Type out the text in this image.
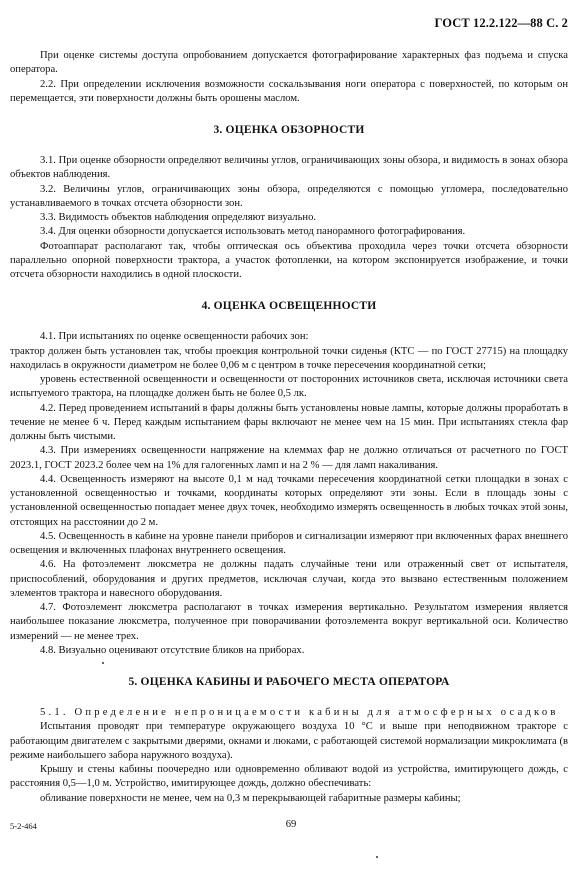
ГОСТ 12.2.122—88 С. 2

При оценке системы доступа опробованием допускается фотографирование характерных фаз подъема и спуска оператора.

2.2. При определении исключения возможности соскальзывания ноги оператора с поверхностей, по которым он перемещается, эти поверхности должны быть орошены маслом.

3. ОЦЕНКА ОБЗОРНОСТИ

3.1. При оценке обзорности определяют величины углов, ограничивающих зоны обзора, и видимость в зонах обзора объектов наблюдения.

3.2. Величины углов, ограничивающих зоны обзора, определяются с помощью угломера, последовательно устанавливаемого в точках отсчета обзорности зон.

3.3. Видимость объектов наблюдения определяют визуально.

3.4. Для оценки обзорности допускается использовать метод панорамного фотографирования.

Фотоаппарат располагают так, чтобы оптическая ось объектива проходила через точки отсчета обзорности параллельно опорной поверхности трактора, а участок фотопленки, на котором экспонируется изображение, и точки отсчета обзорности находились в одной плоскости.

4. ОЦЕНКА ОСВЕЩЕННОСТИ

4.1. При испытаниях по оценке освещенности рабочих зон:

трактор должен быть установлен так, чтобы проекция контрольной точки сиденья (КТС — по ГОСТ 27715) на площадку находилась в окружности диаметром не более 0,06 м с центром в точке пересечения координатной сетки;

уровень естественной освещенности и освещенности от посторонних источников света, исключая источники света испытуемого трактора, на площадке должен быть не более 0,5 лк.

4.2. Перед проведением испытаний в фары должны быть установлены новые лампы, которые должны проработать в течение не менее 6 ч. Перед каждым испытанием фары включают не менее чем на 15 мин. При испытаниях стекла фар должны быть чистыми.

4.3. При измерениях освещенности напряжение на клеммах фар не должно отличаться от расчетного по ГОСТ 2023.1, ГОСТ 2023.2 более чем на 1% для галогенных ламп и на 2 % — для ламп накаливания.

4.4. Освещенность измеряют на высоте 0,1 м над точками пересечения координатной сетки площадки в зонах с установленной освещенностью и точками, координаты которых определяют эти зоны. Если в площадь зоны с установленной освещенностью попадает менее двух точек, необходимо измерять освещенность в любых точках этой зоны, отстоящих на расстоянии до 2 м.

4.5. Освещенность в кабине на уровне панели приборов и сигнализации измеряют при включенных фарах внешнего освещения и включенных плафонах внутреннего освещения.

4.6. На фотоэлемент люксметра не должны падать случайные тени или отраженный свет от испытателя, приспособлений, оборудования и других предметов, исключая случаи, когда это вызвано естественным положением элементов трактора и навесного оборудования.

4.7. Фотоэлемент люксметра располагают в точках измерения вертикально. Результатом измерения является наибольшее показание люксметра, полученное при поворачивании фотоэлемента вокруг вертикальной оси. Количество измерений — не менее трех.

4.8. Визуально оценивают отсутствие бликов на приборах.

5. ОЦЕНКА КАБИНЫ И РАБОЧЕГО МЕСТА ОПЕРАТОРА

5.1. Определение непроницаемости кабины для атмосферных осадков

Испытания проводят при температуре окружающего воздуха 10 °С и выше при неподвижном тракторе с работающим двигателем с закрытыми дверями, окнами и люками, с работающей системой нормализации микроклимата (в режиме наибольшего забора наружного воздуха).

Крышу и стены кабины поочередно или одновременно обливают водой из устройства, имитирующего дождь, с расстояния 0,5—1,0 м. Устройство, имитирующее дождь, должно обеспечивать:

обливание поверхности не менее, чем на 0,3 м перекрывающей габаритные размеры кабины;

5-2-464	69
